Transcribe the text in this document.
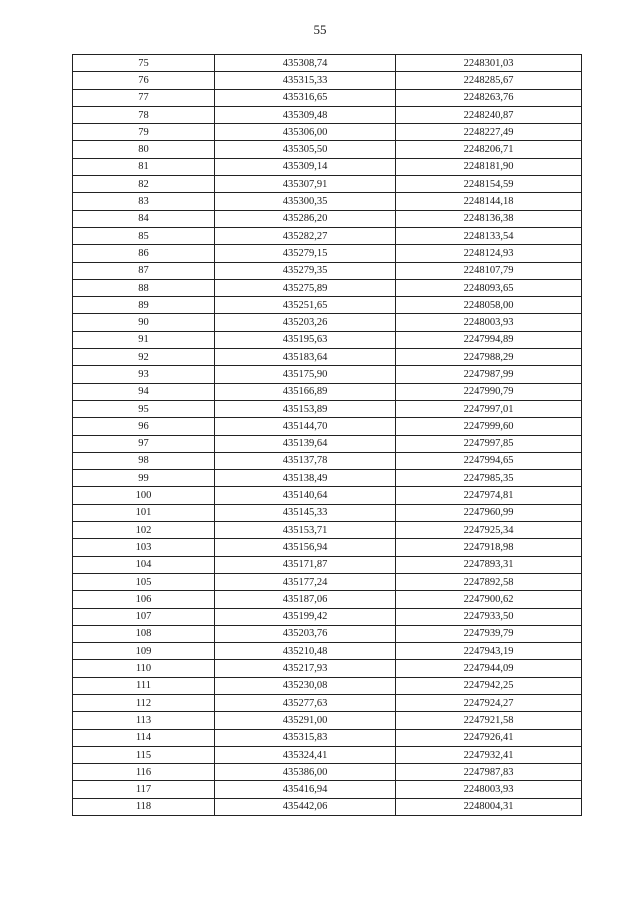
55
75	435308,74	2248301,03
76	435315,33	2248285,67
77	435316,65	2248263,76
78	435309,48	2248240,87
79	435306,00	2248227,49
80	435305,50	2248206,71
81	435309,14	2248181,90
82	435307,91	2248154,59
83	435300,35	2248144,18
84	435286,20	2248136,38
85	435282,27	2248133,54
86	435279,15	2248124,93
87	435279,35	2248107,79
88	435275,89	2248093,65
89	435251,65	2248058,00
90	435203,26	2248003,93
91	435195,63	2247994,89
92	435183,64	2247988,29
93	435175,90	2247987,99
94	435166,89	2247990,79
95	435153,89	2247997,01
96	435144,70	2247999,60
97	435139,64	2247997,85
98	435137,78	2247994,65
99	435138,49	2247985,35
100	435140,64	2247974,81
101	435145,33	2247960,99
102	435153,71	2247925,34
103	435156,94	2247918,98
104	435171,87	2247893,31
105	435177,24	2247892,58
106	435187,06	2247900,62
107	435199,42	2247933,50
108	435203,76	2247939,79
109	435210,48	2247943,19
110	435217,93	2247944,09
111	435230,08	2247942,25
112	435277,63	2247924,27
113	435291,00	2247921,58
114	435315,83	2247926,41
115	435324,41	2247932,41
116	435386,00	2247987,83
117	435416,94	2248003,93
118	435442,06	2248004,31
